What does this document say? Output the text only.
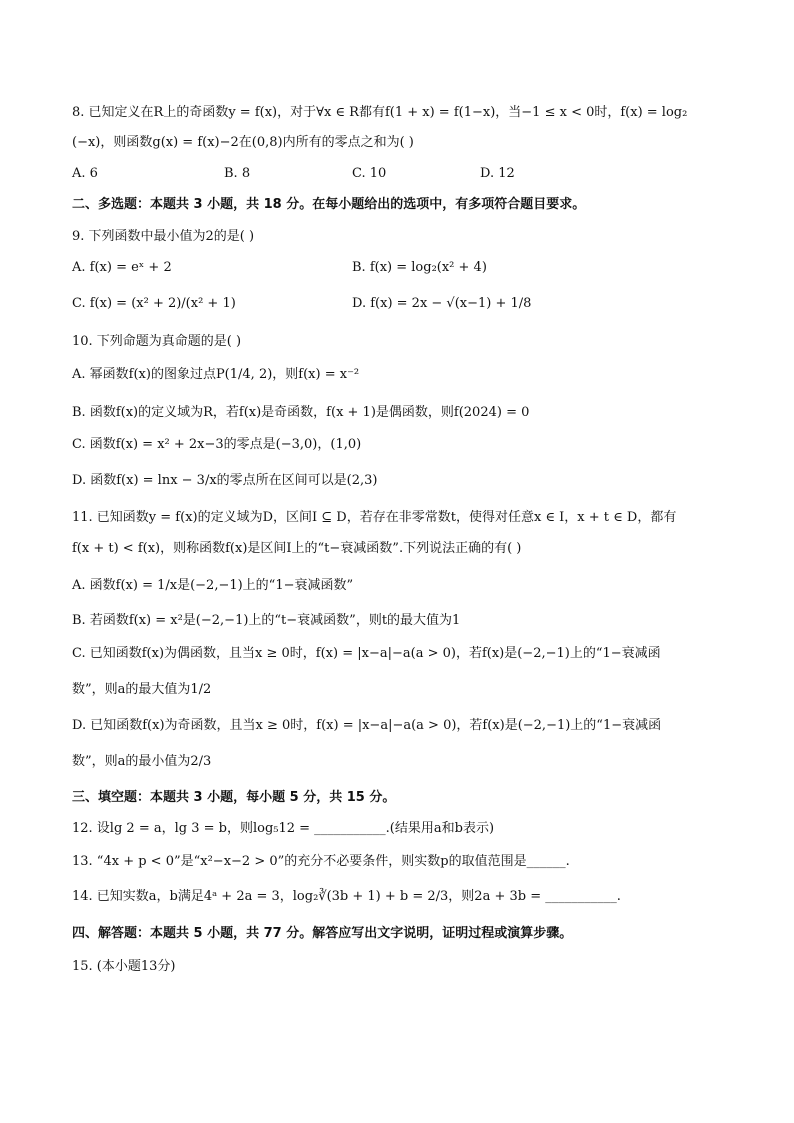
8. 已知定义在R上的奇函数y = f(x)，对于∀x ∈ R都有f(1 + x) = f(1−x)，当−1 ≤ x < 0时，f(x) = log₂
(−x)，则函数g(x) = f(x)−2在(0,8)内所有的零点之和为( )
A. 6	B. 8	C. 10	D. 12
二、多选题：本题共 3 小题，共 18 分。在每小题给出的选项中，有多项符合题目要求。
9. 下列函数中最小值为2的是( )
A. f(x) = eˣ + 2	B. f(x) = log₂(x² + 4)
C. f(x) = (x² + 2)/(x² + 1)	D. f(x) = 2x − √(x−1) + 1/8
10. 下列命题为真命题的是( )
A. 幂函数f(x)的图象过点P(1/4, 2)，则f(x) = x⁻²
B. 函数f(x)的定义域为R，若f(x)是奇函数，f(x + 1)是偶函数，则f(2024) = 0
C. 函数f(x) = x² + 2x−3的零点是(−3,0)，(1,0)
D. 函数f(x) = lnx − 3/x的零点所在区间可以是(2,3)
11. 已知函数y = f(x)的定义域为D，区间I ⊆ D，若存在非零常数t，使得对任意x ∈ I，x + t ∈ D，都有
f(x + t) < f(x)，则称函数f(x)是区间I上的“t−衰减函数”.下列说法正确的有( )
A. 函数f(x) = 1/x是(−2,−1)上的“1−衰减函数”
B. 若函数f(x) = x²是(−2,−1)上的“t−衰减函数”，则t的最大值为1
C. 已知函数f(x)为偶函数，且当x ≥ 0时，f(x) = |x−a|−a(a > 0)，若f(x)是(−2,−1)上的“1−衰减函
数”，则a的最大值为1/2
D. 已知函数f(x)为奇函数，且当x ≥ 0时，f(x) = |x−a|−a(a > 0)，若f(x)是(−2,−1)上的“1−衰减函
数”，则a的最小值为2/3
三、填空题：本题共 3 小题，每小题 5 分，共 15 分。
12. 设lg 2 = a，lg 3 = b，则log₅12 = ___________.(结果用a和b表示)
13. “4x + p < 0”是“x²−x−2 > 0”的充分不必要条件，则实数p的取值范围是______.
14. 已知实数a，b满足4ᵃ + 2a = 3，log₂∛(3b + 1) + b = 2/3，则2a + 3b = ___________.
四、解答题：本题共 5 小题，共 77 分。解答应写出文字说明，证明过程或演算步骤。
15. (本小题13分)
